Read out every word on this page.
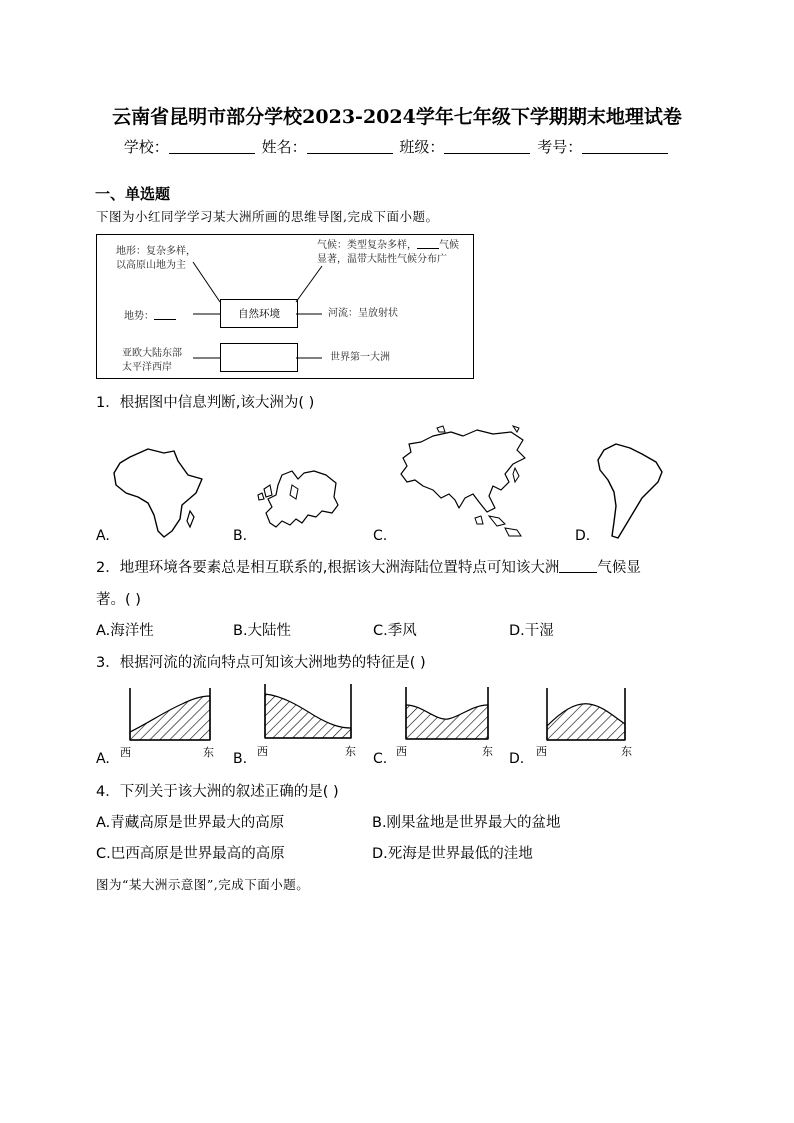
云南省昆明市部分学校2023-2024学年七年级下学期期末地理试卷
学校：	姓名：	班级：	考号：
一、单选题
下图为小红同学学习某大洲所画的思维导图,完成下面小题。
地形：复杂多样，
以高原山地为主
气候：类型复杂多样， 气候
显著，温带大陆性气候分布广
地势：	自然环境	河流：呈放射状
亚欧大陆东部
太平洋西岸
世界第一大洲
1．根据图中信息判断,该大洲为( )
A.	B.	C.	D.
2．地理环境各要素总是相互联系的,根据该大洲海陆位置特点可知该大洲	气候显
著。( )
A.海洋性	B.大陆性	C.季风	D.干湿
3．根据河流的流向特点可知该大洲地势的特征是( )
A. 西	东 B. 西	东 C. 西	东 D. 西	东
4．下列关于该大洲的叙述正确的是( )
A.青藏高原是世界最大的高原	B.刚果盆地是世界最大的盆地
C.巴西高原是世界最高的高原	D.死海是世界最低的洼地
图为“某大洲示意图”,完成下面小题。
